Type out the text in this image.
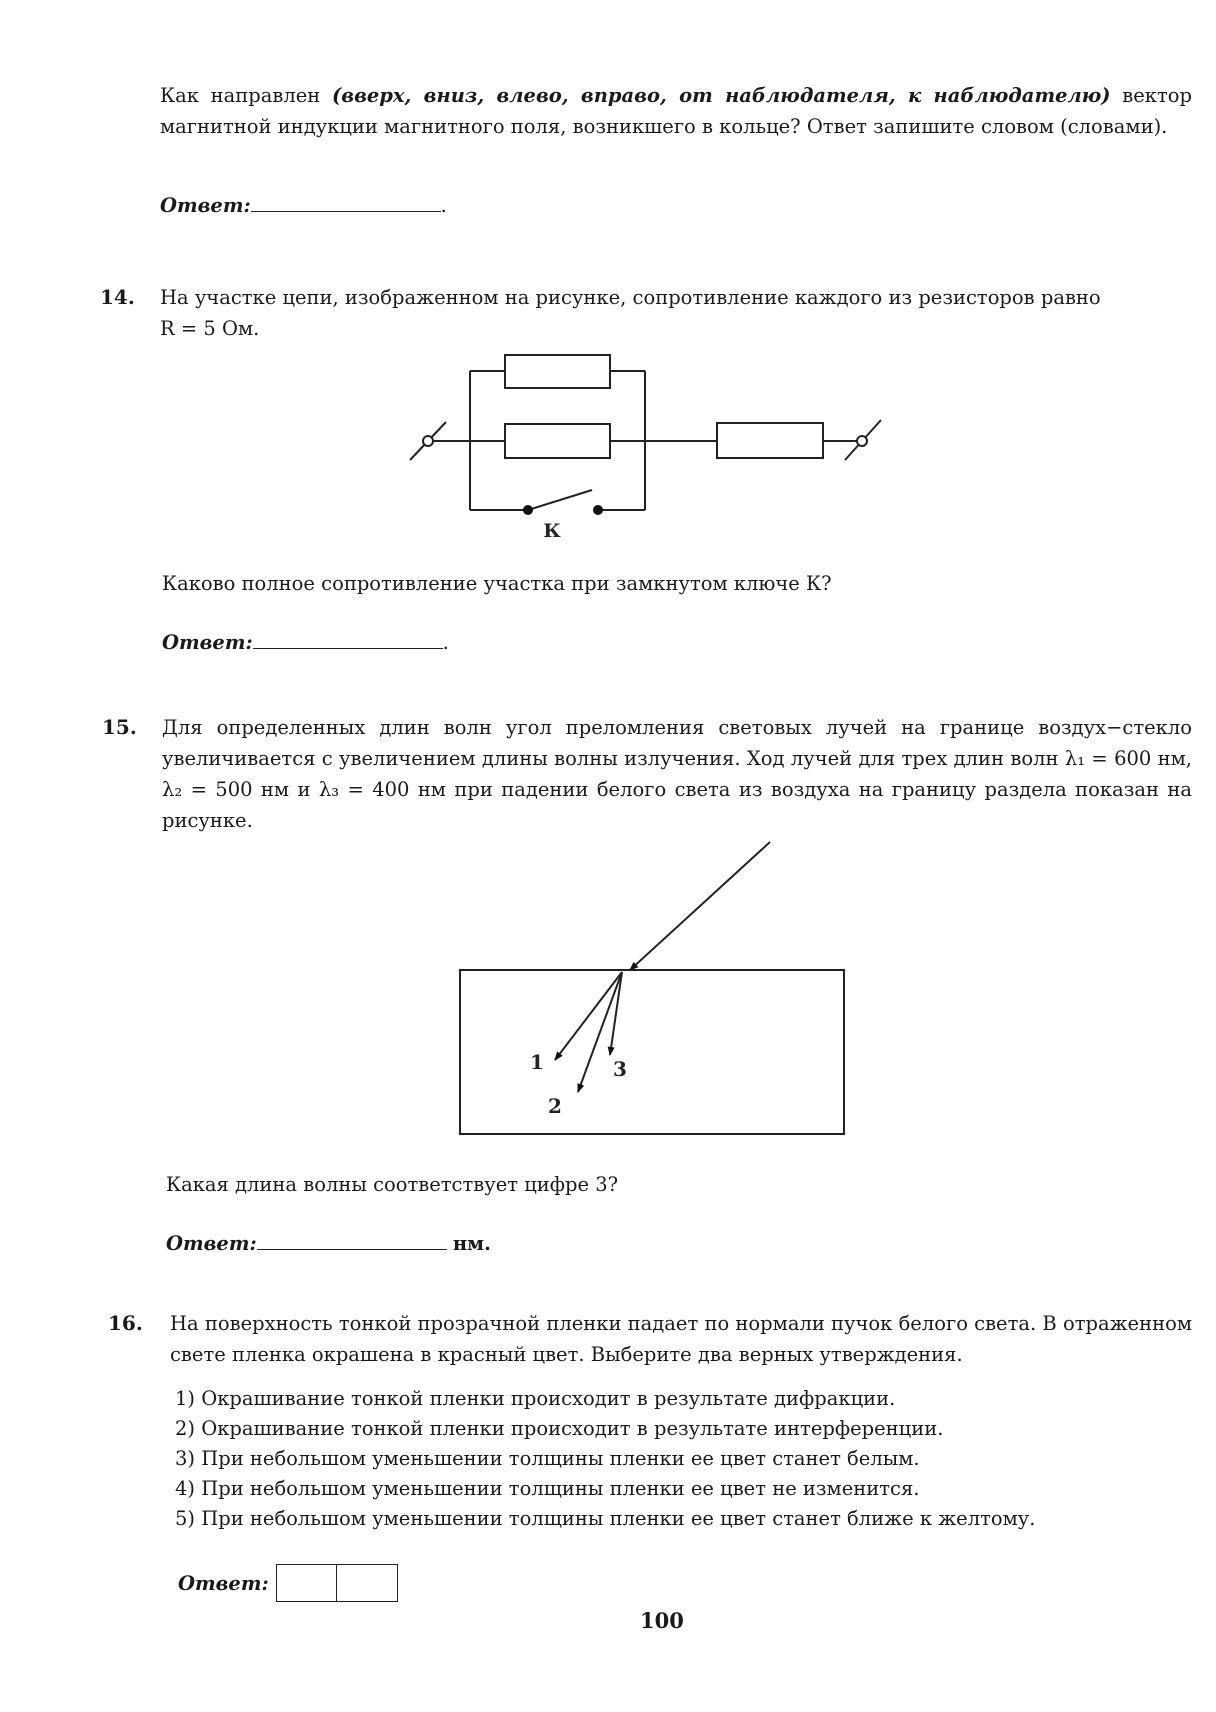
Как направлен (вверх, вниз, влево, вправо, от наблюдателя, к наблюдателю) вектор магнитной индукции магнитного поля, возникшего в кольце? Ответ запишите словом (словами).
Ответ:	.
14. На участке цепи, изображенном на рисунке, сопротивление каждого из резисторов равно
R = 5 Ом.
К
Каково полное сопротивление участка при замкнутом ключе К?
Ответ:	.
15. Для определенных длин волн угол преломления световых лучей на границе воздух−стекло увеличивается с увеличением длины волны излучения. Ход лучей для трех длин волн λ₁ = 600 нм, λ₂ = 500 нм и λ₃ = 400 нм при падении белого света из воздуха на границу раздела показан на рисунке.
1
2
3
Какая длина волны соответствует цифре 3?
Ответ:	нм.
16. На поверхность тонкой прозрачной пленки падает по нормали пучок белого света. В отраженном свете пленка окрашена в красный цвет. Выберите два верных утверждения.
1) Окрашивание тонкой пленки происходит в результате дифракции.
2) Окрашивание тонкой пленки происходит в результате интерференции.
3) При небольшом уменьшении толщины пленки ее цвет станет белым.
4) При небольшом уменьшении толщины пленки ее цвет не изменится.
5) При небольшом уменьшении толщины пленки ее цвет станет ближе к желтому.
Ответ:
100
